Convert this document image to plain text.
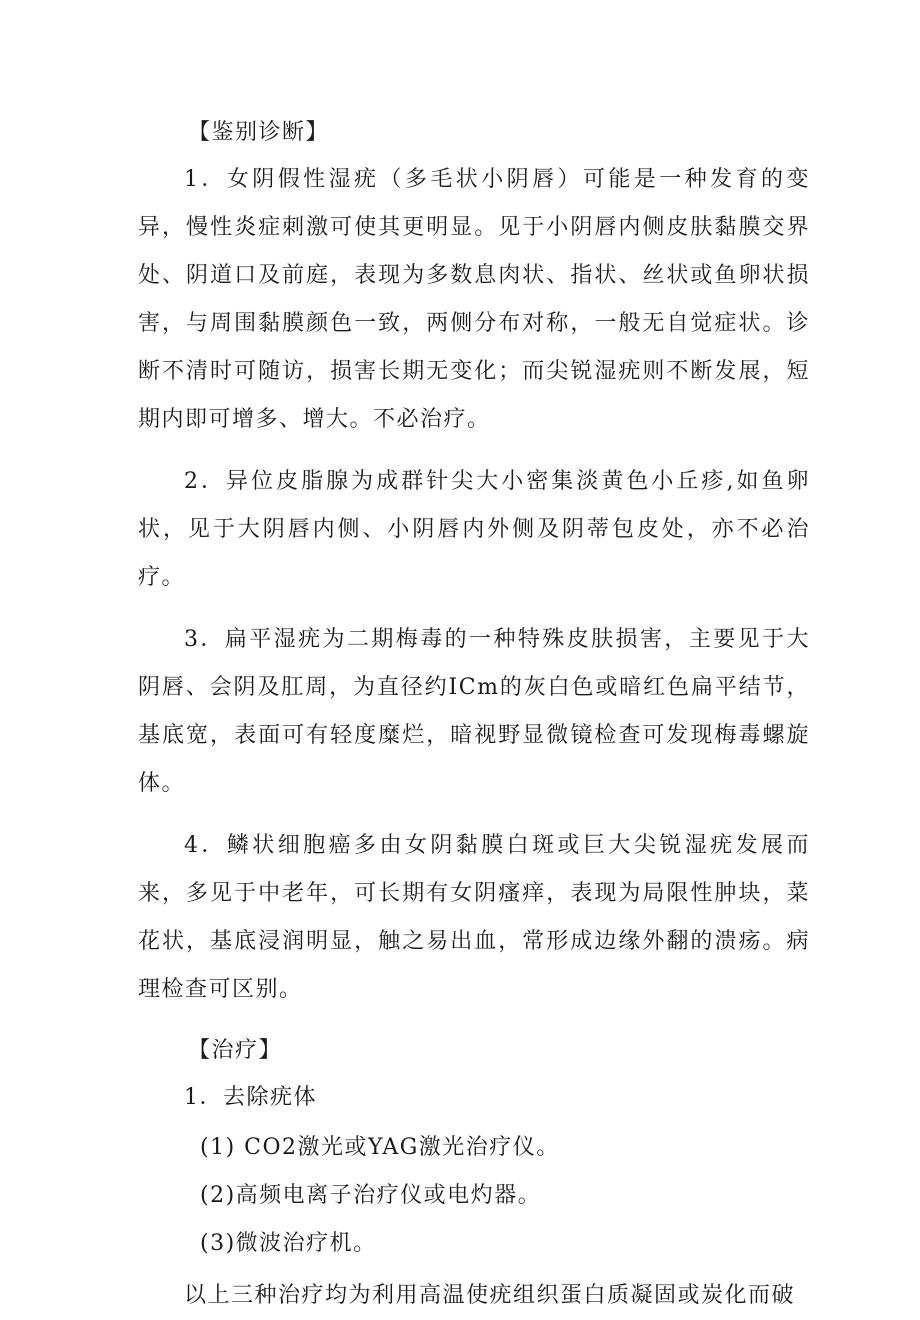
【鉴别诊断】

1．女阴假性湿疣（多毛状小阴唇）可能是一种发育的变异，慢性炎症刺激可使其更明显。见于小阴唇内侧皮肤黏膜交界处、阴道口及前庭，表现为多数息肉状、指状、丝状或鱼卵状损害，与周围黏膜颜色一致，两侧分布对称，一般无自觉症状。诊断不清时可随访，损害长期无变化；而尖锐湿疣则不断发展，短期内即可增多、增大。不必治疗。

2．异位皮脂腺为成群针尖大小密集淡黄色小丘疹,如鱼卵状，见于大阴唇内侧、小阴唇内外侧及阴蒂包皮处，亦不必治疗。

3．扁平湿疣为二期梅毒的一种特殊皮肤损害，主要见于大阴唇、会阴及肛周，为直径约ICm的灰白色或暗红色扁平结节，基底宽，表面可有轻度糜烂，暗视野显微镜检查可发现梅毒螺旋体。

4．鳞状细胞癌多由女阴黏膜白斑或巨大尖锐湿疣发展而来，多见于中老年，可长期有女阴瘙痒，表现为局限性肿块，菜花状，基底浸润明显，触之易出血，常形成边缘外翻的溃疡。病理检查可区别。

【治疗】
1．去除疣体
(1) CO2激光或YAG激光治疗仪。
(2)高频电离子治疗仪或电灼器。
(3)微波治疗机。

以上三种治疗均为利用高温使疣组织蛋白质凝固或炭化而破
